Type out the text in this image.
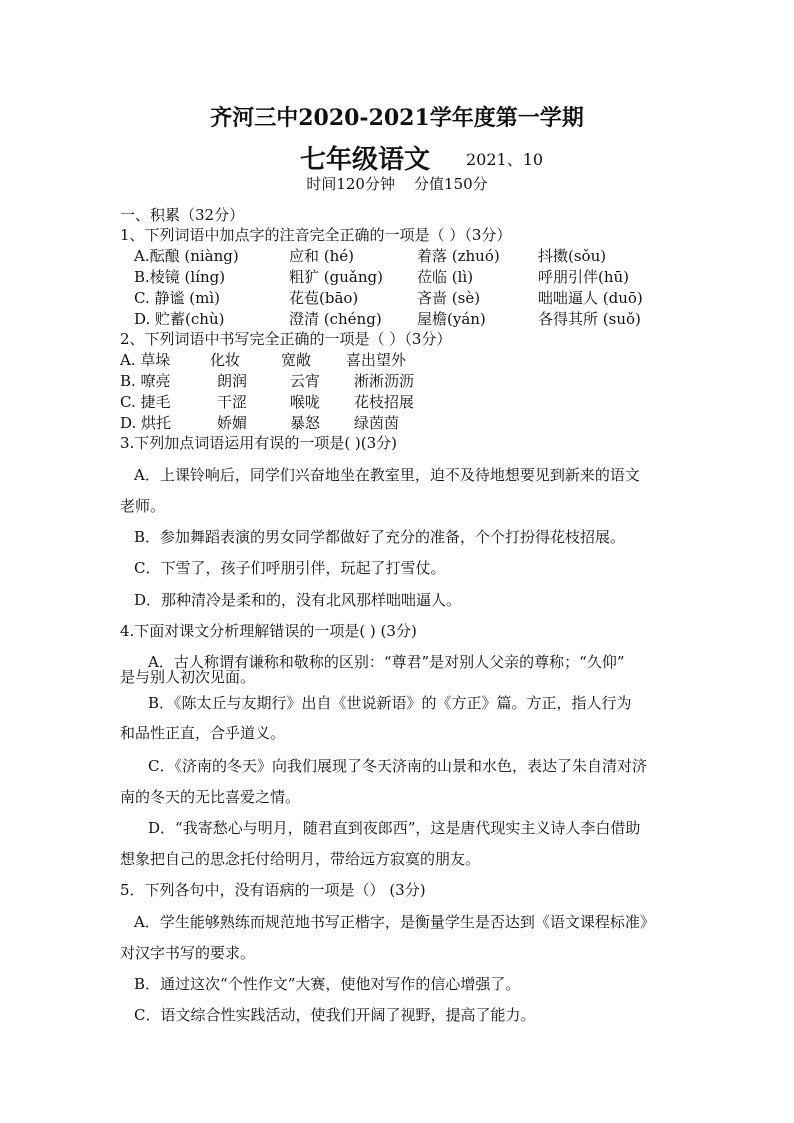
齐河三中2020-2021学年度第一学期
七年级语文 2021、10
时间120分钟    分值150分
一、积累（32分）
1、下列词语中加点字的注音完全正确的一项是（ ）（3分）
A.酝酿 (niàng)	应和 (hé)	着落 (zhuó)	抖擞(sǒu)
B.棱镜 (líng)	粗犷 (guǎng) 莅临 (lì)	呼朋引伴(hū)
C. 静谧 (mì)	花苞(bāo)	吝啬 (sè)	咄咄逼人 (duō)
D. 贮蓄(chù)	澄清 (chéng) 屋檐(yán)	各得其所 (suǒ)
2、下列词语中书写完全正确的一项是（ ）（3分）
A. 草垛	化妆	宽敞 喜出望外
B. 嘹亮	朗润	云宵 淅淅沥沥
C. 捷毛	干涩	喉咙 花枝招展
D. 烘托	娇媚	暴怒 绿茵茵
3.下列加点词语运用有误的一项是( )(3分)
A．上课铃响后，同学们兴奋地坐在教室里，迫不及待地想要见到新来的语文
老师。
B．参加舞蹈表演的男女同学都做好了充分的准备，个个打扮得花枝招展。
C．下雪了，孩子们呼朋引伴，玩起了打雪仗。
D．那种清冷是柔和的，没有北风那样咄咄逼人。
4.下面对课文分析理解错误的一项是( ) (3分)
A．古人称谓有谦称和敬称的区别：“尊君”是对别人父亲的尊称；“久仰”
是与别人初次见面。
B．《陈太丘与友期行》出自《世说新语》的《方正》篇。方正，指人行为
和品性正直，合乎道义。
C．《济南的冬天》向我们展现了冬天济南的山景和水色，表达了朱自清对济
南的冬天的无比喜爱之情。
D．“我寄愁心与明月，随君直到夜郎西”，这是唐代现实主义诗人李白借助
想象把自己的思念托付给明月，带给远方寂寞的朋友。
5．下列各句中，没有语病的一项是（） (3分)
A．学生能够熟练而规范地书写正楷字，是衡量学生是否达到《语文课程标准》
对汉字书写的要求。
B．通过这次“个性作文”大赛，使他对写作的信心增强了。
C．语文综合性实践活动，使我们开阔了视野，提高了能力。
